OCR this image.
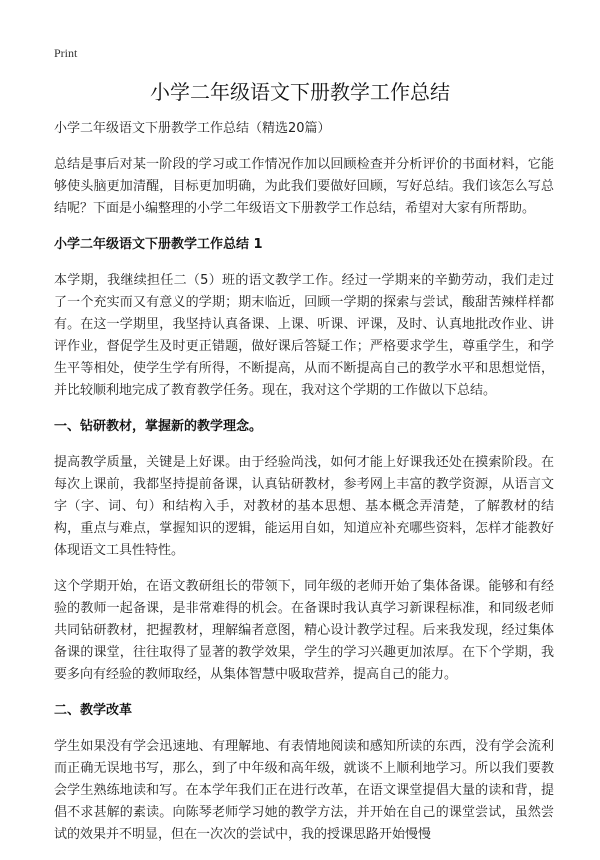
Print
小学二年级语文下册教学工作总结

小学二年级语文下册教学工作总结（精选20篇）

总结是事后对某一阶段的学习或工作情况作加以回顾检查并分析评价的书面材料，它能够使头脑更加清醒，目标更加明确，为此我们要做好回顾，写好总结。我们该怎么写总结呢？下面是小编整理的小学二年级语文下册教学工作总结，希望对大家有所帮助。

小学二年级语文下册教学工作总结 1

本学期，我继续担任二（5）班的语文教学工作。经过一学期来的辛勤劳动，我们走过了一个充实而又有意义的学期；期末临近，回顾一学期的探索与尝试，酸甜苦辣样样都有。在这一学期里，我坚持认真备课、上课、听课、评课，及时、认真地批改作业、讲评作业，督促学生及时更正错题，做好课后答疑工作；严格要求学生，尊重学生，和学生平等相处，使学生学有所得，不断提高，从而不断提高自己的教学水平和思想觉悟，并比较顺利地完成了教育教学任务。现在，我对这个学期的工作做以下总结。

一、钻研教材，掌握新的教学理念。

提高教学质量，关键是上好课。由于经验尚浅，如何才能上好课我还处在摸索阶段。在每次上课前，我都坚持提前备课，认真钻研教材，参考网上丰富的教学资源，从语言文字（字、词、句）和结构入手，对教材的基本思想、基本概念弄清楚，了解教材的结构，重点与难点，掌握知识的逻辑，能运用自如，知道应补充哪些资料，怎样才能教好体现语文工具性特性。

这个学期开始，在语文教研组长的带领下，同年级的老师开始了集体备课。能够和有经验的教师一起备课，是非常难得的机会。在备课时我认真学习新课程标准，和同级老师共同钻研教材，把握教材，理解编者意图，精心设计教学过程。后来我发现，经过集体备课的课堂，往往取得了显著的教学效果，学生的学习兴趣更加浓厚。在下个学期，我要多向有经验的教师取经，从集体智慧中吸取营养，提高自己的能力。

二、教学改革

学生如果没有学会迅速地、有理解地、有表情地阅读和感知所读的东西，没有学会流利而正确无误地书写，那么，到了中年级和高年级，就谈不上顺利地学习。所以我们要教会学生熟练地读和写。在本学年我们正在进行改革，在语文课堂提倡大量的读和背，提倡不求甚解的素读。向陈琴老师学习她的教学方法，并开始在自己的课堂尝试，虽然尝试的效果并不明显，但在一次次的尝试中，我的授课思路开始慢慢
